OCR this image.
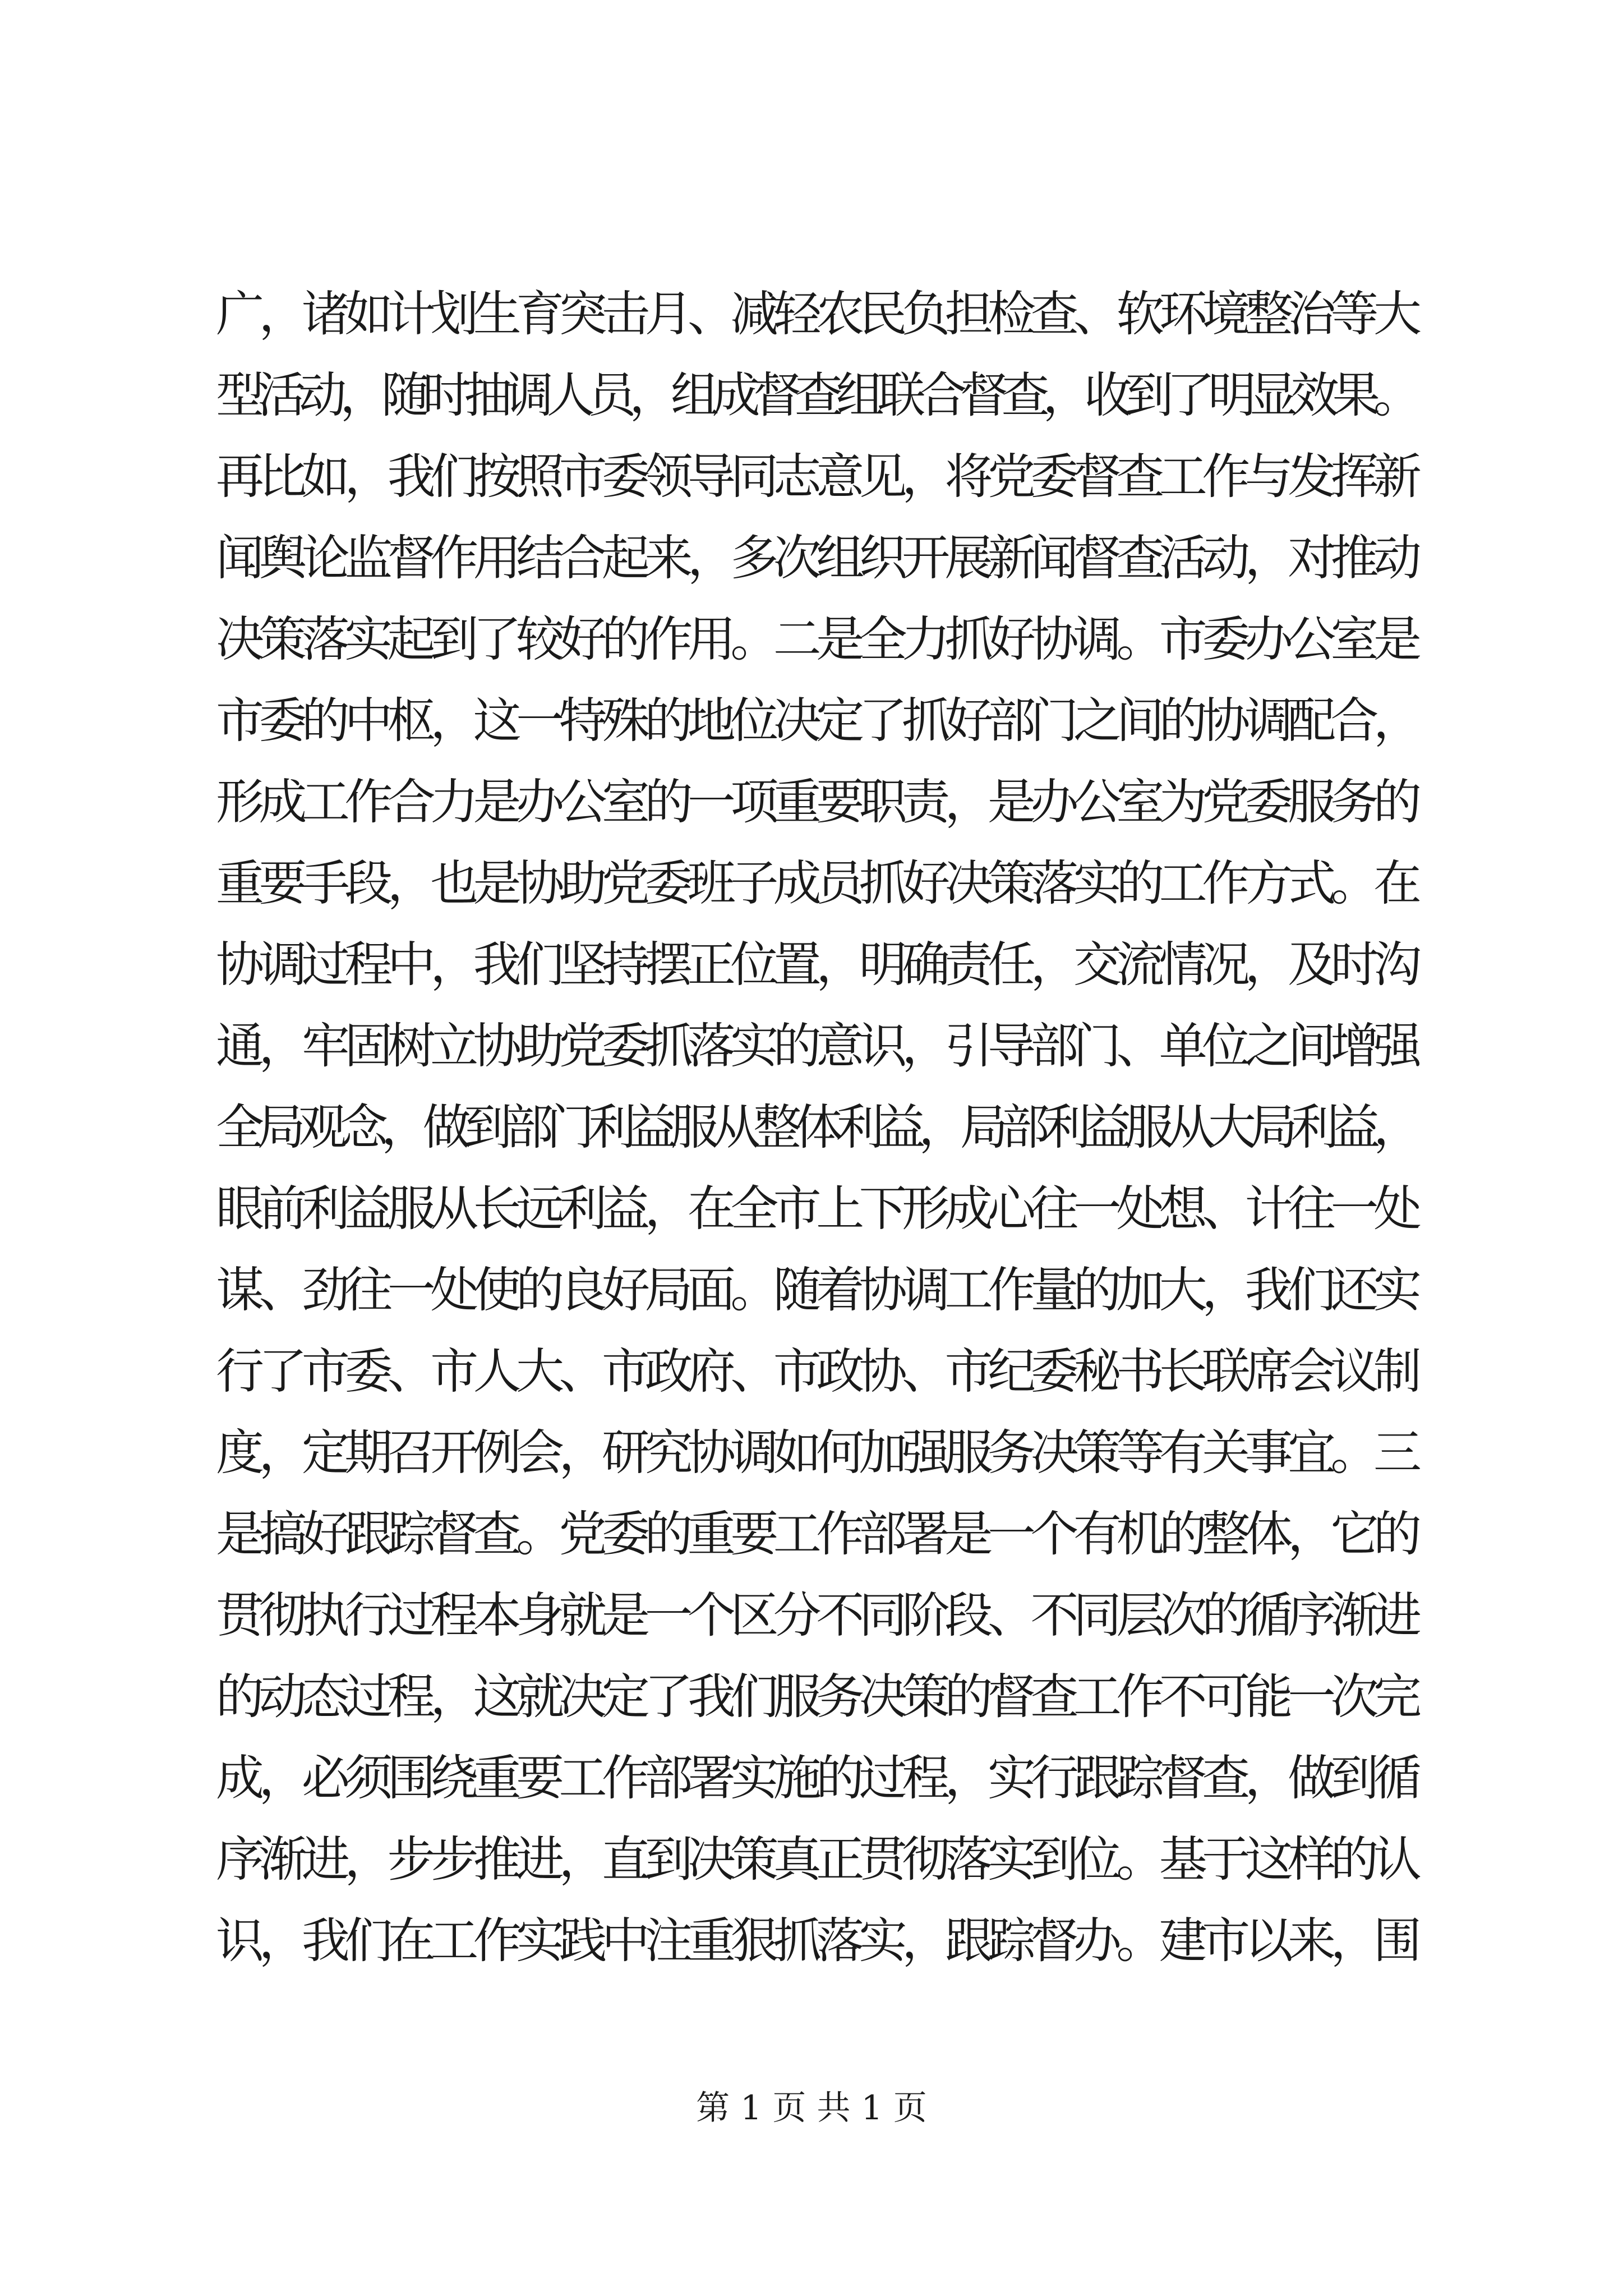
广，诸如计划生育突击月、减轻农民负担检查、软环境整治等大
型活动，随时抽调人员，组成督查组联合督查，收到了明显效果。
再比如，我们按照市委领导同志意见，将党委督查工作与发挥新
闻舆论监督作用结合起来，多次组织开展新闻督查活动，对推动
决策落实起到了较好的作用。二是全力抓好协调。市委办公室是
市委的中枢，这一特殊的地位决定了抓好部门之间的协调配合，
形成工作合力是办公室的一项重要职责，是办公室为党委服务的
重要手段，也是协助党委班子成员抓好决策落实的工作方式。在
协调过程中，我们坚持摆正位置，明确责任，交流情况，及时沟
通，牢固树立协助党委抓落实的意识，引导部门、单位之间增强
全局观念，做到部门利益服从整体利益，局部利益服从大局利益，
眼前利益服从长远利益，在全市上下形成心往一处想、计往一处
谋、劲往一处使的良好局面。随着协调工作量的加大，我们还实
行了市委、市人大、市政府、市政协、市纪委秘书长联席会议制
度，定期召开例会，研究协调如何加强服务决策等有关事宜。三
是搞好跟踪督查。党委的重要工作部署是一个有机的整体，它的
贯彻执行过程本身就是一个区分不同阶段、不同层次的循序渐进
的动态过程，这就决定了我们服务决策的督查工作不可能一次完
成，必须围绕重要工作部署实施的过程，实行跟踪督查，做到循
序渐进，步步推进，直到决策真正贯彻落实到位。基于这样的认
识，我们在工作实践中注重狠抓落实，跟踪督办。建市以来，围
第 1 页 共 1 页
